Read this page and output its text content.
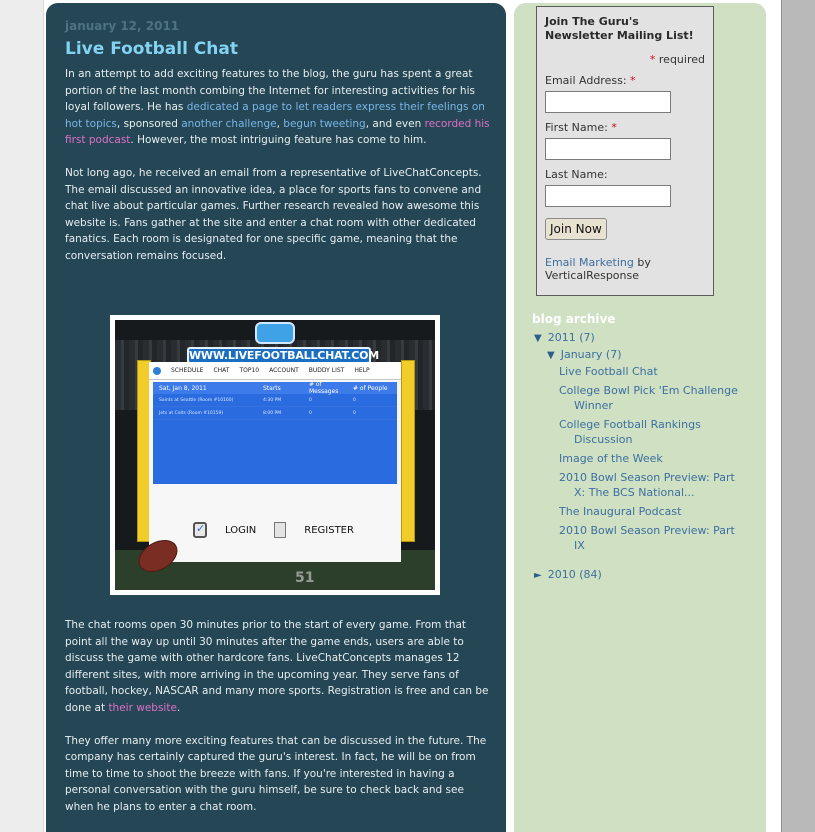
january 12, 2011
Live Football Chat

In an attempt to add exciting features to the blog, the guru has spent a great portion of the last month combing the Internet for interesting activities for his loyal followers. He has dedicated a page to let readers express their feelings on hot topics, sponsored another challenge, begun tweeting, and even recorded his first podcast. However, the most intriguing feature has come to him.

Not long ago, he received an email from a representative of LiveChatConcepts. The email discussed an innovative idea, a place for sports fans to convene and chat live about particular games. Further research revealed how awesome this website is. Fans gather at the site and enter a chat room with other dedicated fanatics. Each room is designated for one specific game, meaning that the conversation remains focused.

The chat rooms open 30 minutes prior to the start of every game. From that point all the way up until 30 minutes after the game ends, users are able to discuss the game with other hardcore fans. LiveChatConcepts manages 12 different sites, with more arriving in the upcoming year. They serve fans of football, hockey, NASCAR and many more sports. Registration is free and can be done at their website.

They offer many more exciting features that can be discussed in the future. The company has certainly captured the guru's interest. In fact, he will be on from time to time to shoot the breeze with fans. If you're interested in having a personal conversation with the guru himself, be sure to check back and see when he plans to enter a chat room.

WWW.LIVEFOOTBALLCHAT.COM
SCHEDULE CHAT TOP10 ACCOUNT BUDDY LIST HELP
Sat, Jan 8, 2011	Starts	# of Messages	# of People
Saints at Seattle (Room #10160)	4:30 PM	0	0
Jets at Colts (Room #10159)	8:00 PM	0	0
✓
LOGIN	REGISTER
51
Join The Guru's Newsletter Mailing List!
* required
Email Address: *
First Name: *
Last Name:
Join Now
Email Marketing by VerticalResponse
blog archive
▼ 2011 (7)
▼ January (7)
Live Football Chat
College Bowl Pick 'Em Challenge Winner
College Football Rankings Discussion
Image of the Week
2010 Bowl Season Preview: Part X: The BCS National...
The Inaugural Podcast
2010 Bowl Season Preview: Part IX
► 2010 (84)
